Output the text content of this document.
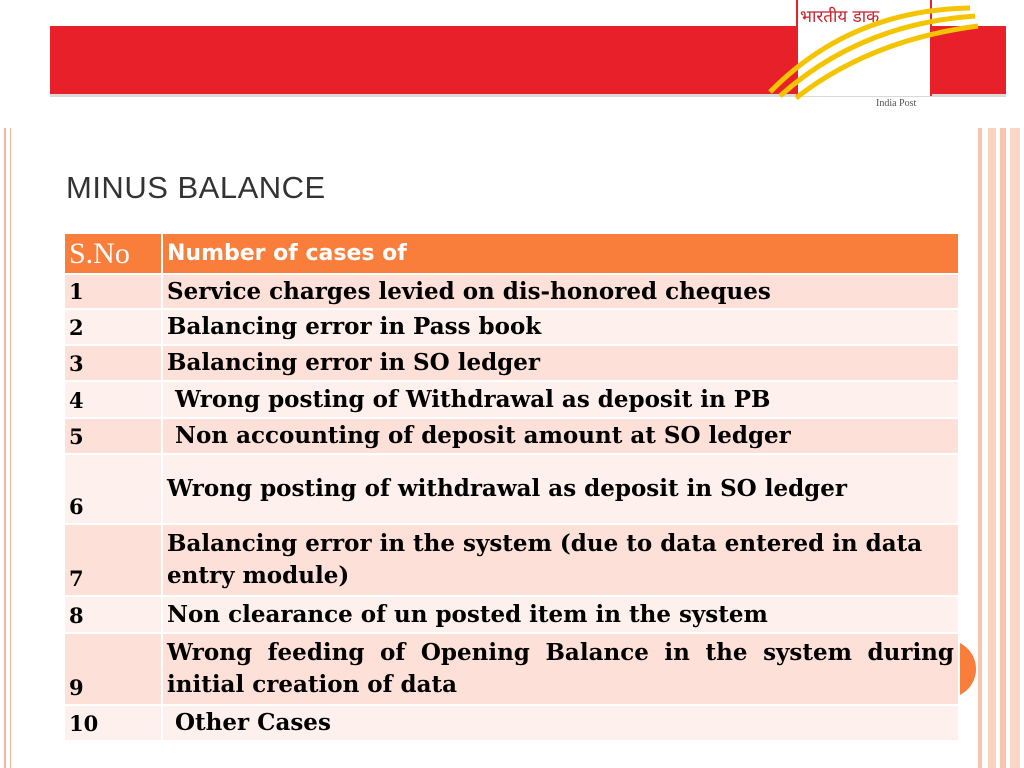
भारतीय डाक
India Post
MINUS BALANCE
S.No	Number of cases of
1	Service charges levied on dis-honored cheques
2	Balancing error in Pass book
3	Balancing error in SO ledger
4	Wrong posting of Withdrawal as deposit in PB
5	Non accounting of deposit amount at SO ledger
6	Wrong posting of withdrawal as deposit in SO ledger
7	Balancing error in the system (due to data entered in data entry module)
8	Non clearance of un posted item in the system
9	Wrong feeding of Opening Balance in the system during initial creation of data
10	Other Cases
